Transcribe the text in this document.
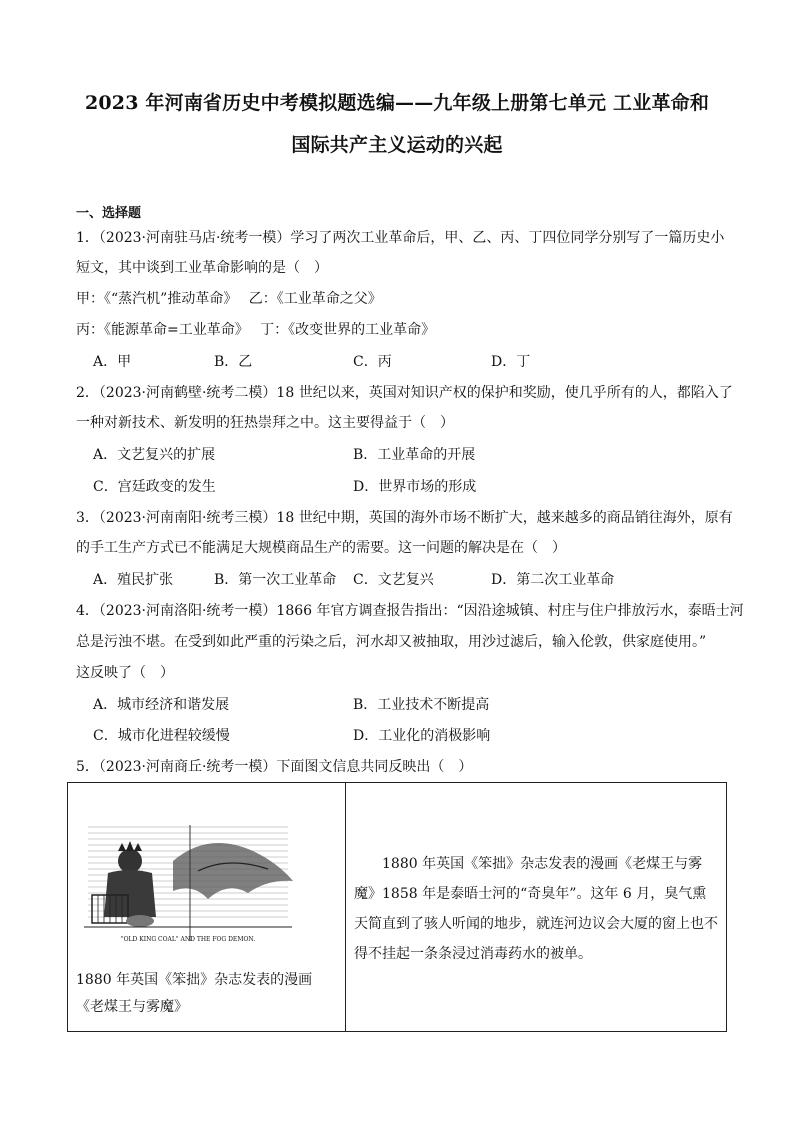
2023 年河南省历史中考模拟题选编——九年级上册第七单元 工业革命和
国际共产主义运动的兴起
一、选择题
1．（2023·河南驻马店·统考一模）学习了两次工业革命后，甲、乙、丙、丁四位同学分别写了一篇历史小
短文，其中谈到工业革命影响的是（　）
甲：《“蒸汽机”推动革命》　 乙：《工业革命之父》
丙：《能源革命=工业革命》　 丁：《改变世界的工业革命》
A．甲	B．乙	C．丙	D．丁
2．（2023·河南鹤壁·统考二模）18 世纪以来，英国对知识产权的保护和奖励，使几乎所有的人，都陷入了
一种对新技术、新发明的狂热崇拜之中。这主要得益于（　）
A．文艺复兴的扩展	B．工业革命的开展
C．宫廷政变的发生	D．世界市场的形成
3．（2023·河南南阳·统考三模）18 世纪中期，英国的海外市场不断扩大，越来越多的商品销往海外，原有
的手工生产方式已不能满足大规模商品生产的需要。这一问题的解决是在（　）
A．殖民扩张	B．第一次工业革命 C．文艺复兴	D．第二次工业革命
4．（2023·河南洛阳·统考一模）1866 年官方调查报告指出：“因沿途城镇、村庄与住户排放污水，泰晤士河
总是污浊不堪。在受到如此严重的污染之后，河水却又被抽取，用沙过滤后，输入伦敦，供家庭使用。”
这反映了（　）
A．城市经济和谐发展	B．工业技术不断提高
C．城市化进程较缓慢	D．工业化的消极影响
5．（2023·河南商丘·统考一模）下面图文信息共同反映出（　）
"OLD KING COAL" AND THE FOG DEMON.
1880 年英国《笨拙》杂志发表的漫画《老煤王与雾魔》
1880 年英国《笨拙》杂志发表的漫画《老煤王与雾魔》1858 年是泰晤士河的“奇臭年”。这年 6 月，臭气熏天简直到了骇人听闻的地步，就连河边议会大厦的窗上也不得不挂起一条条浸过消毒药水的被单。
